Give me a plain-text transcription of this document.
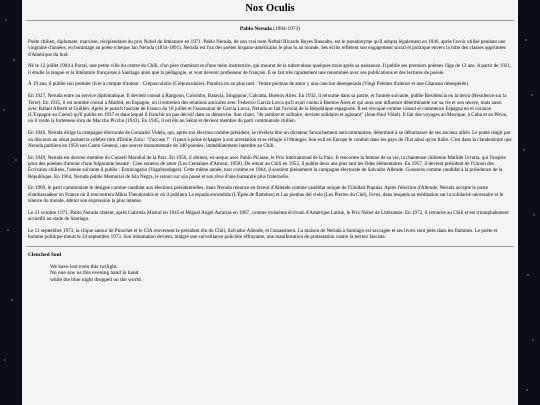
Nox Oculis
Pablo Neruda (1904-1973)

Poète chilien, diplomate, marxiste, récipiendaire du prix Nobel de littérature en 1971. Pablo Neruda, de son vrai nom Neftalí Ricardo Reyes Basoalto, est le pseudonyme qu'il adopta légalement en 1946, après l'avoir utilisé pendant une vingtaine d'années, en hommage au poète tchèque Jan Neruda (1834-1891). Neruda est l'un des poètes hispano-américains le plus lu au monde. Ses écrits reflètent son engagement social et politique envers la lutte des classes opprimées d'Amérique du Sud.

Né le 12 juillet 1904 à Parral, une petite ville du centre du Chili, d'un père cheminot et d'une mère institutrice, qui mourut de la tuberculose quelques mois après sa naissance. Il publie ses premiers poèmes l'âge de 13 ans. A partir de 1921, il étudie la langue et la littérature françaises à Santiago ainsi que la pédagogie, et veut devenir professeur de français. Il se fait très rapidement une renommée avec ses publications et des lectures de poésie.

À 19 ans, il publie son premier livre à compte d'auteur : Crépusculario (Crépusculaire). Paraîtra un an plus tard : Veinte poemas de amor y una cancion desesperada (Vingt Poèmes d'amour et une Chanson désespérée).

En 1927, Neruda entre au service diplomatique. Il devient consul à Rangoon, Colombo, Batavia, Singapour, Calcutta, Buenos Aires. En 1932, il retourne dans sa patrie, et l'année suivante, publie Residencia en la tierra (Résidence sur la Terre). En 1935, il est nommé consul à Madrid, en Espagne, où il entretien des relations amicales avec Federico García Lorca qu'il avait connu à Buenos Aires et qui aura une influence déterminante sur sa vie et son œuvre, mais aussi avec Rafael Alberti et Guillén. Après le putsch fasciste de Franco du 18 juillet et l'assassinat de García Lorca, Neruda se fait l'avocat de la République espagnole. Il est révoqué comme consul et commence Espagna en el corazon (L'Espagne au Coeur) qu'il publie en 1937 et dans lequel il franchit un pas décisif dans sa démarche. Son chant, "de sombre et solitaire, devient solidaire et agissant" (Jean-Paul Vidal). Il fait des voyages au Mexique, à Cuba et au Pérou, où il visite la forteresse inca de Macchu Picchu (1943). En 1945, il est élu au Sénat et devient membre du parti communiste chilien.

En 1946, Neruda dirige la campagne électorale de Gonzalez Videla, qui, après son élection comme président, se révélera être un dictateur farouchement anticommuniste, déterminé à se débarrasser de ses anciens alliés. Le poète réagit par un discours au sénat portant le célèbre titre d'Emile Zola : "J'accuse !". Il peut à peine échapper à son arrestation et se réfugie à l'étranger. Son exil en Europe le conduit dans les pays de l'Est ainsi qu'en Italie. C'est dans la clandestinité que Neruda publiera en 1950 son Canto General, une oeuvre monumentale de 340 poèmes, immédiatement interdite au Chili.

En 1949, Neruda est devenu membre du Conseil Mondial de la Paix. En 1950, il obtient, ex-aequo avec Pablo Picasso, le Prix International de la Paix. Il rencontre la femme de sa vie, la chanteuse chilienne Matilde Urrutia, qui l'inspire pour des poèmes d'amour d'une fulgurante beauté : Cien sonetos de amor (Les Centaines d'Amour, 1959). De retour au Chili en 1952, il publie deux ans plus tard les Odes élémentaires. En 1957, il devient président de l'Union des Écrivains chiliens, l'année suivante il publie : Estravagario (Vagabondages). Cette même année, tout comme en 1964, il soutient pleinement la campagne électorale de Salvador Allende. Goossens comme candidat à la présidence de la République. En 1964, Neruda publie Memorial de Isla Negra, le retour sur son passé et son rêve d'une humanité plus fraternelle.

En 1969, le parti communiste le désigne comme candidat aux élections présidentielles, mais Neruda renonce en faveur d'Allende comme candidat unique de l'Unidad Popular. Après l'élection d'Allende, Neruda accepte le poste d'ambassadeur en France où il rencontrera Mikis Theodorakis et où il publiera La espada encendida (L'Épée de flammes) et Las piedras del cielo (Les Pierres du Ciel), livres, dans lesquels sa méditation sur la solidarité nécessaire et le silence du monde, atteint son expression la plus intense.

Le 21 octobre 1971, Pablo Neruda obtient, après Gabriela Mistral en 1945 et Miguel Angel Asturias en 1967, comme troisième écrivain d'Amérique Latine, le Prix Nobel de Littérature. En 1972, il retourne au Chili et est triomphalement accueilli au stade de Santiago.

Le 11 septembre 1973, la clique autour de Pinochet et le CIA renversent le président élu du Chili, Salvador Allende, et l'assassinent. La maison de Neruda à Santiago est saccagée et ses livres sont jetés dans les flammes. Le poète et homme politique meurt le 24 septembre 1973. Son inhumation devient, malgré une surveillance policière effrayante, une manifestation de protestation contre la terreur fasciste.

Clenched Soul
We have lost even this twilight.
No one saw us this evening hand in hand
while the blue night dropped on the world.
